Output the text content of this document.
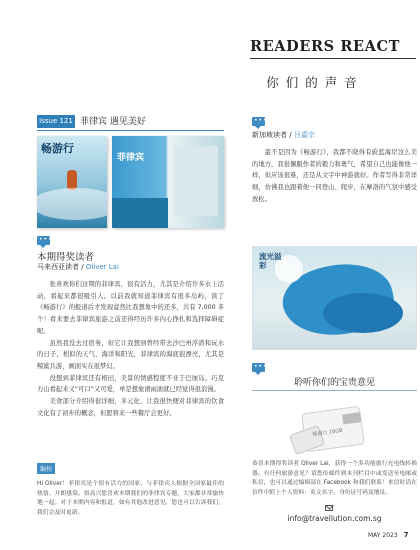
READERS REACT
你们的声音
Issue 121 菲律宾 遇见美好
畅游行
菲律宾
•••
本期得奖读者
马来西亚读者 / Oliver Lai

张喜欢你们这期的菲律宾，很有活力，尤其是介绍许多水上活动，看起来都很吸引人。以前我就知道菲律宾有很多岛屿，读了《畅游行》的报道后才发现竟然比我想象中的还多，共有 7,000 多个！看来要去菲律宾旅游之前还得经历许多内心挣扎和选择障碍症呢。

虽然我没去过宿务，但它让我想到曾经带去沙巴州浮潜和玩水的日子，相似的天气、海洋和阳光，菲律宾的海底很漂亮，尤其是鲸鲨共游，画面实在很梦幻。

没想到菲律宾还有榕田，美景的情感程度不亚于巴厘岛。巧克力山看起来又“可口”又可爱，单是想象滑雨滚就已经觉得很浪漫。

美食部分介绍得很详细，多元化，让我很快便对菲律宾的饮食文化有了初步的概念，但愿将来一些餐厅会更好。

编按
Hi Oliver！菲律宾是个很有活力的国家，与菲律宾人根据全国家最佳的热情、开朗感染。很高兴您喜欢本期我们的菲律宾专题，大家都非常愉快地一起。对于本期内容和报道，如有其他改进意见，您也可以告诉我们，我们会及时更新。
•••
新加坡读者 / 吕嘉宗

蛮不是因为《畅游行》，我都不晓得有蔚蓝海岸这么美的地方，我很佩服作者的毅力和勇气，希望自己也能像他一样，但应该很难，还是从文字中神游就好。作者写得非常详细，仿佛我也跟着他一同登山、爬步，在摩洛的气氛中感受放松。

流光溢彩
•••
聆听你们的宝贵意见
畅游行 16GB
恭喜本期得奖读者 Oliver Lai，获得一个多功能旅行充电线转换器。有任何旅游意见？请您传邮件到本刊栏目中或发送至电邮或私信，也可以通过编辑部在 Facebook 和我们联系！来信时请在信件中附上个人资料：英文名字、身份证号码及地址。
info@travellution.com.sg
MAY 2023 7
